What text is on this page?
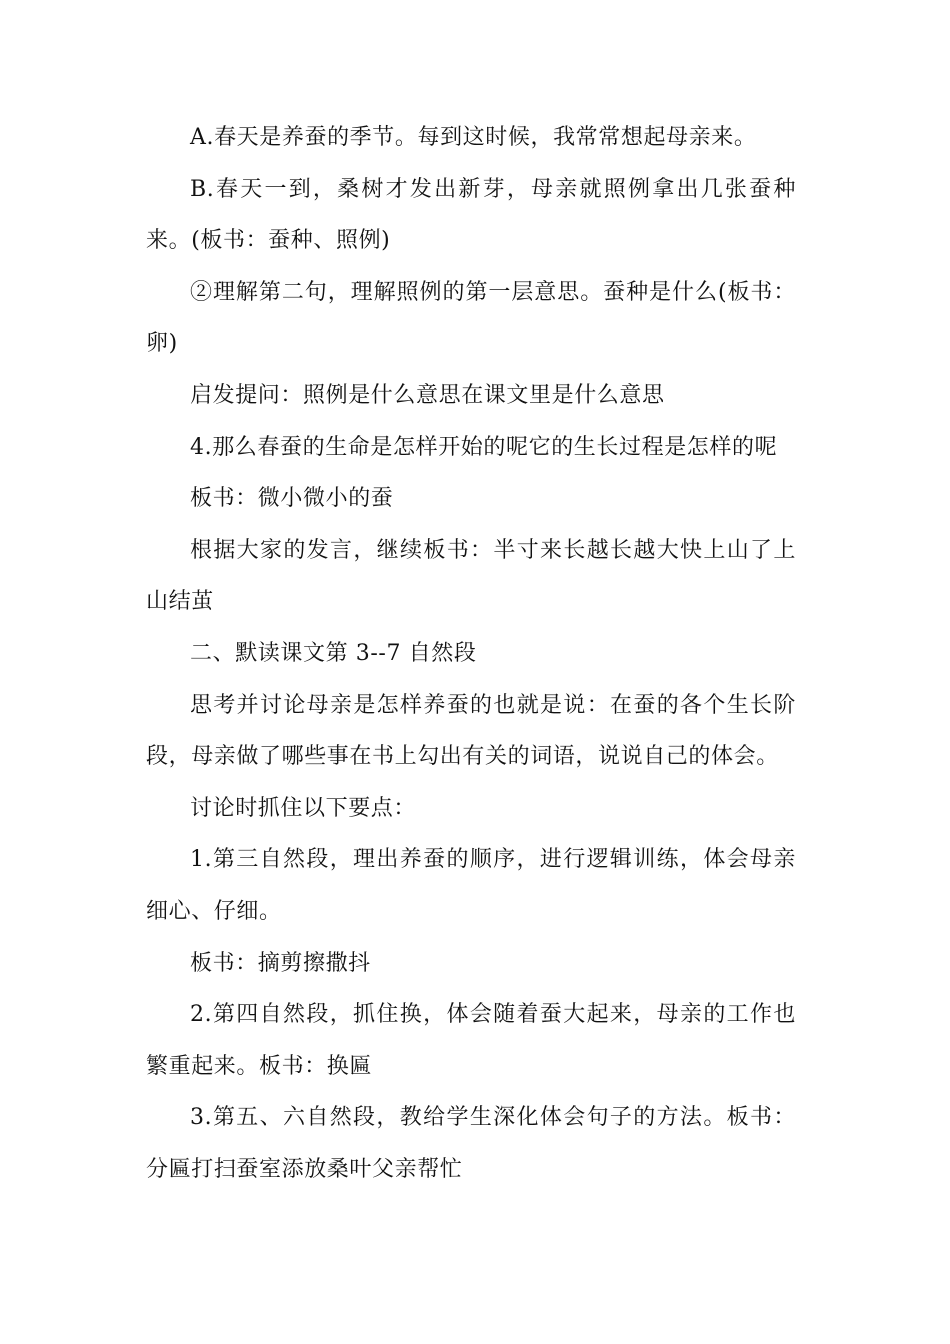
A.春天是养蚕的季节。每到这时候，我常常想起母亲来。

B.春天一到，桑树才发出新芽，母亲就照例拿出几张蚕种来。(板书：蚕种、照例)

②理解第二句，理解照例的第一层意思。蚕种是什么(板书：卵)

启发提问：照例是什么意思在课文里是什么意思

4.那么春蚕的生命是怎样开始的呢它的生长过程是怎样的呢

板书：微小微小的蚕

根据大家的发言，继续板书：半寸来长越长越大快上山了上山结茧

二、默读课文第 3--7 自然段

思考并讨论母亲是怎样养蚕的也就是说：在蚕的各个生长阶段，母亲做了哪些事在书上勾出有关的词语，说说自己的体会。

讨论时抓住以下要点：

1.第三自然段，理出养蚕的顺序，进行逻辑训练，体会母亲细心、仔细。

板书：摘剪擦撒抖

2.第四自然段，抓住换，体会随着蚕大起来，母亲的工作也繁重起来。板书：换匾

3.第五、六自然段，教给学生深化体会句子的方法。板书：分匾打扫蚕室添放桑叶父亲帮忙
